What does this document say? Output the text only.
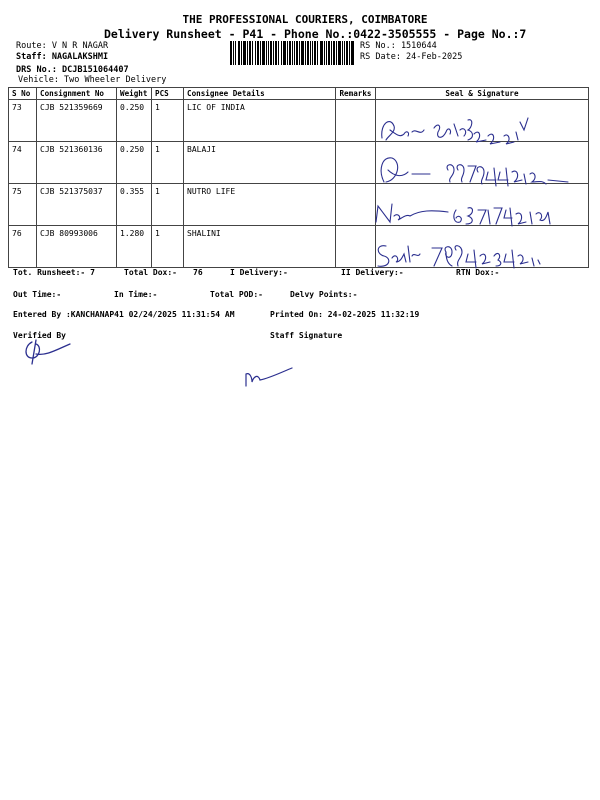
THE PROFESSIONAL COURIERS, COIMBATORE
Delivery Runsheet - P41 - Phone No.:0422-3505555 - Page No.:7
Route: V N R NAGAR
Staff: NAGALAKSHMI
DRS No.: DCJB151064407
Vehicle: Two Wheeler Delivery
RS No.: 1510644
RS Date: 24-Feb-2025
S No	Consignment No	Weight	PCS	Consignee Details	Remarks	Seal & Signature
73	CJB 521359669	0.250	1	LIC OF INDIA		
74	CJB 521360136	0.250	1	BALAJI		
75	CJB 521375037	0.355	1	NUTRO LIFE		
76	CJB 80993006	1.280	1	SHALINI		
Tot. Runsheet:- 7	Total Dox:- 76	I Delivery:-	II Delivery:-	RTN Dox:-
Out Time:-	In Time:-	Total POD:-	Delvy Points:-
Entered By :KANCHANAP41 02/24/2025 11:31:54 AM	Printed On: 24-02-2025 11:32:19
Verified By	Staff Signature
